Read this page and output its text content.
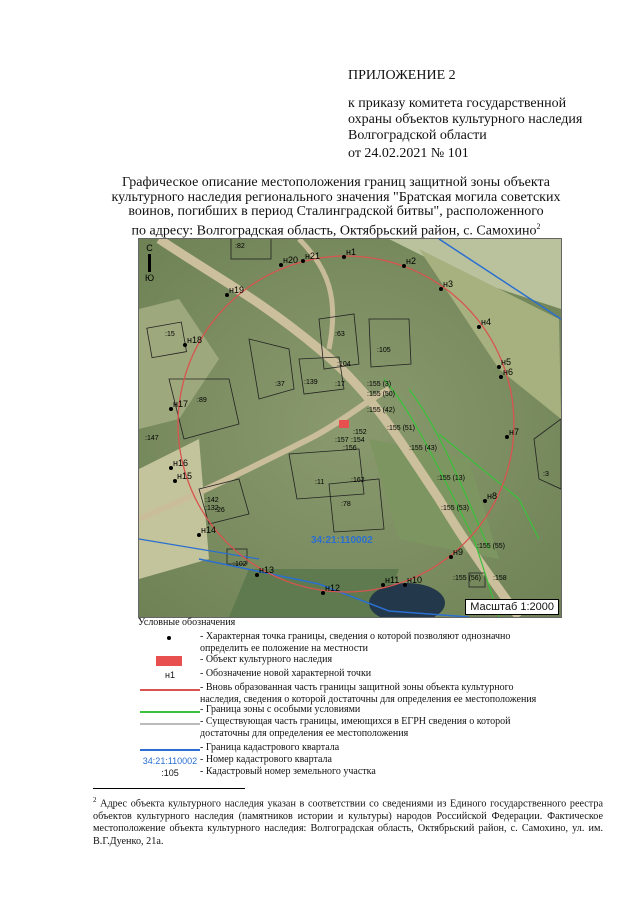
ПРИЛОЖЕНИЕ 2
к приказу комитета государственной
охраны объектов культурного наследия
Волгоградской области
от 24.02.2021 № 101
Графическое описание местоположения границ защитной зоны объекта
культурного наследия регионального значения "Братская могила советских
воинов, погибших в период Сталинградской битвы", расположенного
по адресу: Волгоградская область, Октябрьский район, с. Самохино$^2$
С
Ю
34:21:110002
н1
н2
н3
н4
н5
н6
н7
н8
н9
н10
н11
н12
н13
н14
н15
н16
н17
н18
н19
н20 н21
:82
:15
:89
:147
:37	:139
:104
:105
:63
:17	:155 (3)
:155 (50)
:155 (42)
:155 (51)
:155 (43)
:155 (13)
:155 (53)
:155 (55)
:155 (56) :158
:152
:157 :154
:156
:162
:78
:142
:132
:26
:102
:11
:3
Масштаб 1:2000
Условные обозначения
- Характерная точка границы, сведения о которой позволяют однозначно
определить ее положение на местности
- Объект культурного наследия
н1	- Обозначение новой характерной точки
- Вновь образованная часть границы защитной зоны объекта культурного
наследия, сведения о которой достаточны для определения ее местоположения
- Граница зоны с особыми условиями
- Существующая часть границы, имеющихся в ЕГРН сведения о которой
достаточны для определения ее местоположения
- Граница кадастрового квартала
34:21:110002 - Номер кадастрового квартала
:105	- Кадастровый номер земельного участка
$^2$ Адрес объекта культурного наследия указан в соответствии со сведениями из Единого государственного реестра объектов культурного наследия (памятников истории и культуры) народов Российской Федерации. Фактическое местоположение объекта культурного наследия: Волгоградская область, Октябрьский район, с. Самохино, ул. им. В.Г.Дуенко, 21а.
